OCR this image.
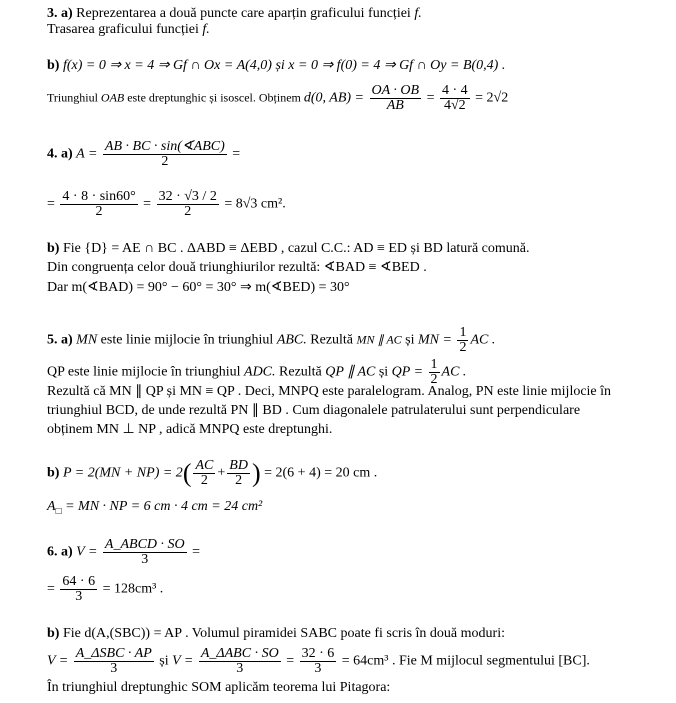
3. a) Reprezentarea a două puncte care aparțin graficului funcției f.
Trasarea graficului funcției f.
b) f(x) = 0 ⇒ x = 4 ⇒ Gf ∩ Ox = A(4,0) și x = 0 ⇒ f(0) = 4 ⇒ Gf ∩ Oy = B(0,4) .
Triunghiul OAB este dreptunghic și isoscel. Obținem d(0, $AB) = \frac{OA \cdot OB}{AB} = \frac{4 \cdot 4}{4√2} = 2√2$
4. a) $A = \frac{\text{AB · BC · sin(∢ABC)}}{2}$ =
= $\frac{4 \cdot 8 \cdot \sin 60^\circ}{2} = \frac{32 \cdot √3 / 2}{2} = 8√3$ cm².
b) Fie {D} = AE ∩ BC . ΔABD ≡ ΔEBD , cazul C.C.: AD ≡ ED și BD latură comună.
Din congruența celor două triunghiurilor rezultă: ∢BAD ≡ ∢BED .
Dar m(∢BAD) = 90° − 60° = 30° ⇒ m(∢BED) = 30°
5. a) MN este linie mijlocie în triunghiul ABC. Rezultă MN ∥ AC și MN = $\frac{1}{2}$ AC .
QP este linie mijlocie în triunghiul ADC. Rezultă QP ∥ AC și QP = $\frac{1}{2}$ AC .
Rezultă că MN ∥ QP și MN ≡ QP . Deci, MNPQ este paralelogram. Analog, PN este linie mijlocie în
triunghiul BCD, de unde rezultă PN ∥ BD . Cum diagonalele patrulaterului sunt perpendiculare
obținem MN ⊥ NP , adică MNPQ este dreptunghi.
b) $P = 2(MN + NP) = 2( \frac{AC}{2} + \frac{BD}{2}$ ) = 2(6 + 4) = 20 cm .
$A_□$ = MN · NP = 6 cm · 4 cm = 24 cm²
6. a) $V = \frac{\text{A\_ABCD · SO}}{3}$ =
= $\frac{64 \cdot 6}{3} = 128cm^3$ .
b) Fie d(A,(SBC)) = AP . Volumul piramidei SABC poate fi scris în două moduri:
$V = \frac{\text{A\_ΔSBC · AP}}{3}$ și $V = \frac{\text{A\_ΔABC · SO}}{3} = \frac{32 \cdot 6}{3} = 64cm^3$ . Fie M mijlocul segmentului [BC].
În triunghiul dreptunghic SOM aplicăm teorema lui Pitagora:
